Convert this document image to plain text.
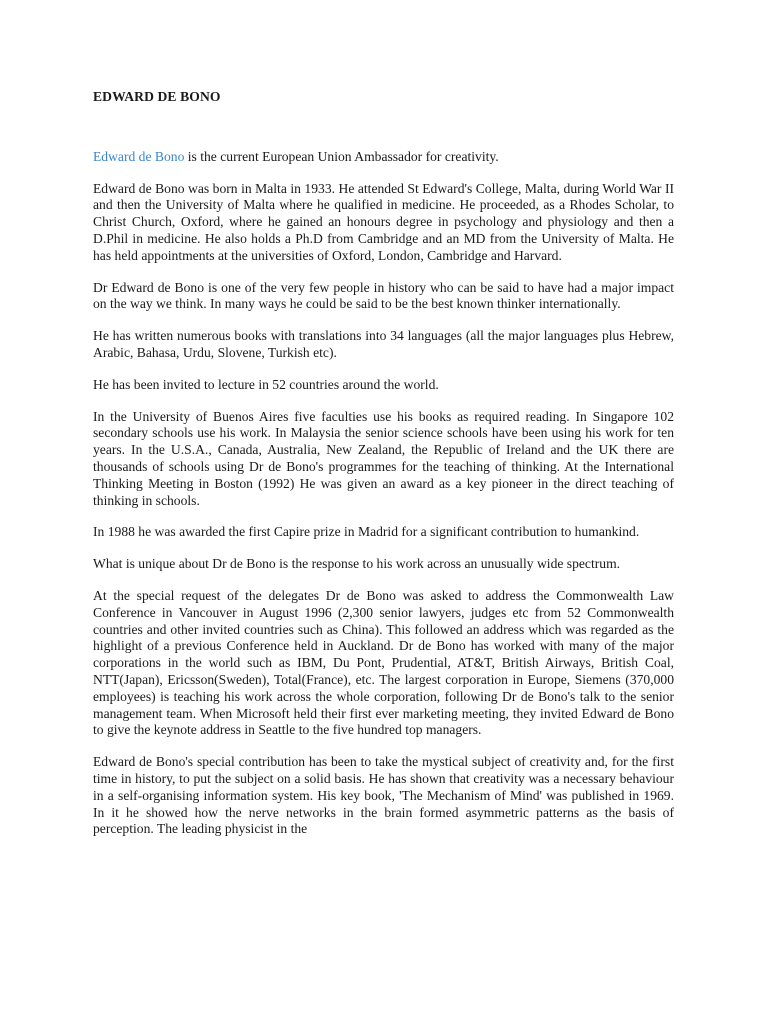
EDWARD DE BONO

Edward de Bono is the current European Union Ambassador for creativity.

Edward de Bono was born in Malta in 1933. He attended St Edward's College, Malta, during World War II and then the University of Malta where he qualified in medicine. He proceeded, as a Rhodes Scholar, to Christ Church, Oxford, where he gained an honours degree in psychology and physiology and then a D.Phil in medicine. He also holds a Ph.D from Cambridge and an MD from the University of Malta. He has held appointments at the universities of Oxford, London, Cambridge and Harvard.

Dr Edward de Bono is one of the very few people in history who can be said to have had a major impact on the way we think. In many ways he could be said to be the best known thinker internationally.

He has written numerous books with translations into 34 languages (all the major languages plus Hebrew, Arabic, Bahasa, Urdu, Slovene, Turkish etc).

He has been invited to lecture in 52 countries around the world.

In the University of Buenos Aires five faculties use his books as required reading. In Singapore 102 secondary schools use his work. In Malaysia the senior science schools have been using his work for ten years. In the U.S.A., Canada, Australia, New Zealand, the Republic of Ireland and the UK there are thousands of schools using Dr de Bono's programmes for the teaching of thinking. At the International Thinking Meeting in Boston (1992) He was given an award as a key pioneer in the direct teaching of thinking in schools.

In 1988 he was awarded the first Capire prize in Madrid for a significant contribution to humankind.

What is unique about Dr de Bono is the response to his work across an unusually wide spectrum.

At the special request of the delegates Dr de Bono was asked to address the Commonwealth Law Conference in Vancouver in August 1996 (2,300 senior lawyers, judges etc from 52 Commonwealth countries and other invited countries such as China). This followed an address which was regarded as the highlight of a previous Conference held in Auckland. Dr de Bono has worked with many of the major corporations in the world such as IBM, Du Pont, Prudential, AT&T, British Airways, British Coal, NTT(Japan), Ericsson(Sweden), Total(France), etc. The largest corporation in Europe, Siemens (370,000 employees) is teaching his work across the whole corporation, following Dr de Bono's talk to the senior management team. When Microsoft held their first ever marketing meeting, they invited Edward de Bono to give the keynote address in Seattle to the five hundred top managers.

Edward de Bono's special contribution has been to take the mystical subject of creativity and, for the first time in history, to put the subject on a solid basis. He has shown that creativity was a necessary behaviour in a self-organising information system. His key book, 'The Mechanism of Mind' was published in 1969. In it he showed how the nerve networks in the brain formed asymmetric patterns as the basis of perception. The leading physicist in the
